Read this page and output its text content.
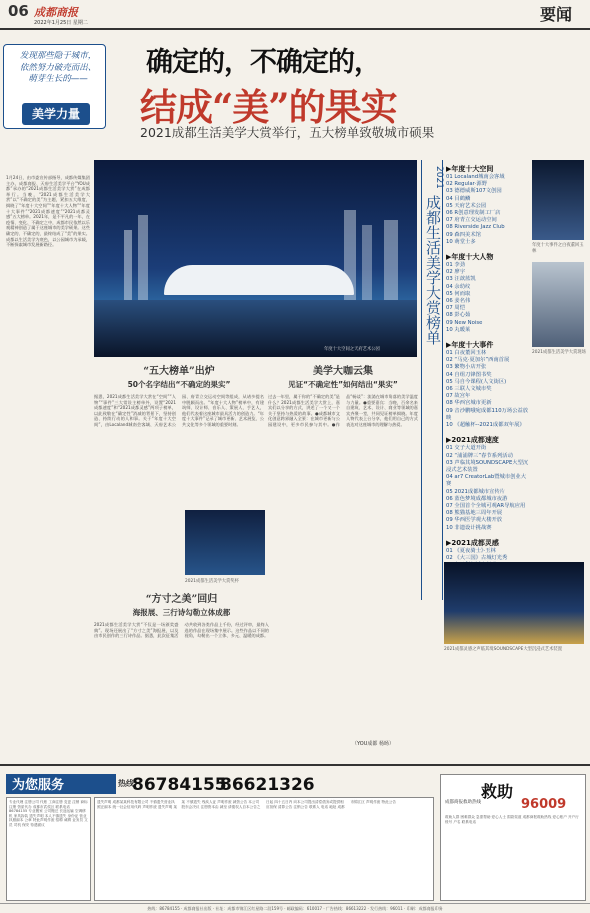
06 成都商报
2022年1月25日 星期二	要闻
发现那些隐于城市，依然努力破壳而出、萌芽生长的——
美学力量
1月24日，由市委宣传部指导，成都传媒集团主办，成都商报、天府生活美学平台“YOU成都”承办的“2021成都生活美学大赏”在成都举行。当晚，“2021成都生活美学大赏”以“不确定的美”为主题，紧扣五大维度，揭晓了“年度十大空间”“年度十大人物”“年度十大事件”“2021成都速度”“2021成都灵感”五大榜单。2021年，是不平凡的一年，在疫情、变化、不确定之中，成都市民依然以乐观精神创造了属于这座城市的美学硕果。这些确定的、不确定的，最终结成了“美”的果实。成都以生活美学为底色，以公园城市为承载，不断探索城市发展新路径。
确定的，不确定的，
结成“美”的果实
2021成都生活美学大赏举行，五大榜单致敬城市硕果
年度十大空间之天府艺术公园
2021
成都生活美学大赏榜单
▶年度十大空间
01 Localand城南会客域
02 Regular·源野
03 德德威斯107文创园
04 目鹤鳞
05 天府艺术公园
06 R创意理发制工厂店
07 府青立交运动空间
08 Riverside Jazz Club
09 森四美术馆
10 萌堂士多
▶年度十大人物
01 李劲
02 廖宇
03 汪歆蓝凯
04 余幼纹
05 何而取
06 姜名伟
07 周恺
08 彭心茹
09 New Noise
10 丸暖莱
▶年度十大事件
01 白夜董回玉林
02 “马克·夏加尔”西南首展
03 繁物小店开张
04 自组刀锋图书奖
05 马自今课程(人文街区)
06 三联人文城市奖
07 故宫年
08 华西宫城市更新
09 音沙鹏哦宛成都110万场公益放映
10 《超触杯--2021成都双年展》
▶2021成都速度
01 交子大道开街
02 “浦浦牌三”春节系列活动
03 声临其境SOUNDSCAPE大型沉浸式艺术装置
04 ar7 CreatorLab暨城市创业大赛
05 2021成都城市宣传片
06 蓝色梦境成都城市夜游
07 全国首个全城可观AR导航应用
08 熊猫基地三周年开展
09 华西医学观大楼开放
10 非遗设计挑战赛
▶2021成都灵感
01 《夏夜骑士》·玉林
02 《大三国》古城灯光秀
年度十大事件之白夜董回玉林
2021成都生活美学大赏现场
2021成都灵感之声临其境SOUNDSCAPE大型沉浸式艺术装置
“五大榜单”出炉
50个名字结出“不确定的果实”
据悉，2021成都生活美学大赏在“空间”“人物”“事件”三大常设主榜单外，设置“2021成都速度”和“2021成都灵感”两项子榜单，以此致敬在“确定性”消减的背景下，坚持创造、持续行动的人和事。关于“年度十大空间”，由Localand城南会客域、天府艺术公园、府青立交运动空间等组成，从诸多提名中脱颖而出。“年度十大人物”榜单中，有建筑师、设计师、音乐人、策展人、手艺人，他们代表着这座城市最具活力的创造力。“年度十大事件”记录了城市更新、艺术展览、公共文化等多个领域的重要时刻。
美学大咖云集
见证“不确定性”如何结出“果实”
过去一年里，属于你的“不确定的美”是什么？2021成都生活美学大赏上，嘉宾们以分享的方式，讲述了一个又一个关于坚持与热爱的故事。●成都城市文化创意跨界融入全景：在城市更新与公园建设中，更多市民参与其中。●作品“畅谈”：流淌在城市角落的美学温度与力量。●重要嘉宾：当晚，百余名来自建筑、艺术、设计、商业等领域的嘉宾齐聚一堂，共同见证榜单揭晓。年度人物代表上台分享，他们用自己的方式表达对这座城市的理解与热爱。
2021成都生活美学大赏奖杯
“方寸之美”回归
海报展、三行诗勾勒立体成都
2021成都生活美学大赏“不仅是一场颁奖盛典”。现场还展出了“方寸之美”海报展，以及由市民创作的三行诗作品。据悉，此次征集活动共收到各类作品上千份，经过评审，最终入选的作品在现场集中展示。这些作品以不同的视角，勾勒出一个立体、多元、温暖的成都。
（YOU成都 杨旸）
为您服务	热线
86784155
86621326
专业代理 注册公司 代账 工商注册 变更 注销 商标注册 资质代办 成都市武侯区 联系电话 86784155 专业搬家 公司搬迁 长途运输 空调移机 家具拆装 遗失声明 本人不慎遗失 身份证 营业执照副本 公章 特此声明作废 招聘 诚聘 业务员 文员 司机 保安 待遇面议
遗失声明 成都某某科技有限公司 不慎遗失营业执照正副本 统一社会信用代码 声明作废 遗失声明 某某 不慎遗失 残疾人证 声明作废 减资公告 本公司股东会决议 注册资本由 减至 请债权人自本公告之日起 四十五日内 向本公司提出清偿债务或提供相应担保 清算公告 注销公告 联系人 电话 地址 成都市锦江区 声明作废 特此公告
救助
96009
成都商报救助热线
救助人群 困难群众 急需帮助 爱心人士 捐款渠道 成都商报救助热线 爱心账户 开户行 账号 户名 联系电话
热线：86784155 · 成都商报社出版 · 社址：成都市锦江区红星路二段159号 · 邮政编码：610017 · 广告热线：86613222 · 发行热线：96011 · 印刷：成都商报印务
